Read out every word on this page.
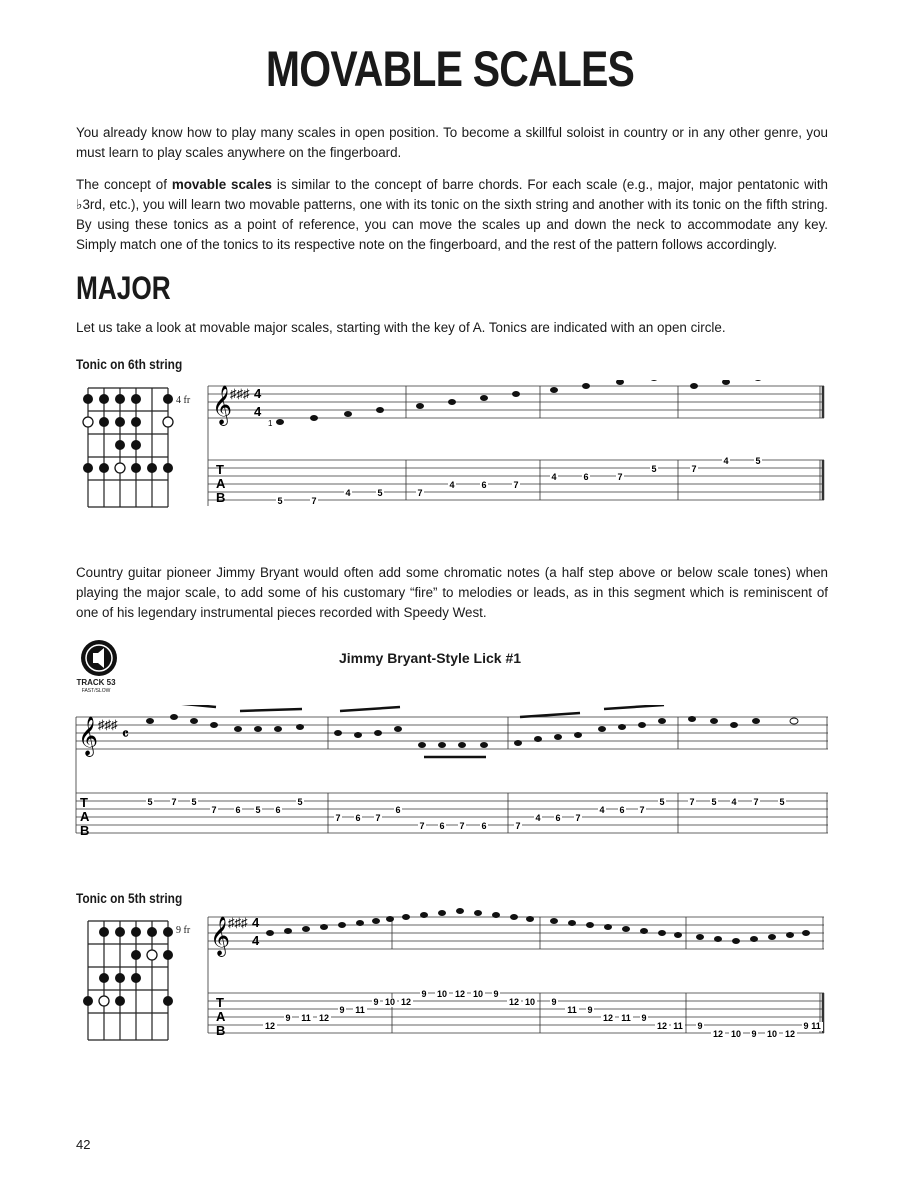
MOVABLE SCALES
You already know how to play many scales in open position. To become a skillful soloist in country or in any other genre, you must learn to play scales anywhere on the fingerboard.
The concept of movable scales is similar to the concept of barre chords. For each scale (e.g., major, major pentatonic with ♭3rd, etc.), you will learn two movable patterns, one with its tonic on the sixth string and another with its tonic on the fifth string. By using these tonics as a point of reference, you can move the scales up and down the neck to accommodate any key. Simply match one of the tonics to its respective note on the fingerboard, and the rest of the pattern follows accordingly.
MAJOR
Let us take a look at movable major scales, starting with the key of A. Tonics are indicated with an open circle.
Tonic on 6th string
4 fr 𝄞
♯♯♯ 4
4
T
A
B	5
1
7
4	5	7
4	6	7
4	6	7
5	7
4	5
Country guitar pioneer Jimmy Bryant would often add some chromatic notes (a half step above or below scale tones) when playing the major scale, to add some of his customary “fire” to melodies or leads, as in this segment which is reminiscent of one of his legendary instrumental pieces recorded with Speedy West.
TRACK 53
FAST/SLOW
Jimmy Bryant-Style Lick #1
𝄞 ♯♯♯
𝄴
T
A
B
5 7 5
7 6 5 6
5
7 6 7
6
7 6 7 6	7
4 6 7
4 6 7
5	7 5 4 7 5
Tonic on 5th string
9 fr 𝄞
♯♯♯ 4
4
T
A
B	12
9 11 12
9 11
9 10 12
9 10 12 10 9
12 10 9
11 9
12 11 9
12 11 9
12 10 9 10 12
9 11
42
